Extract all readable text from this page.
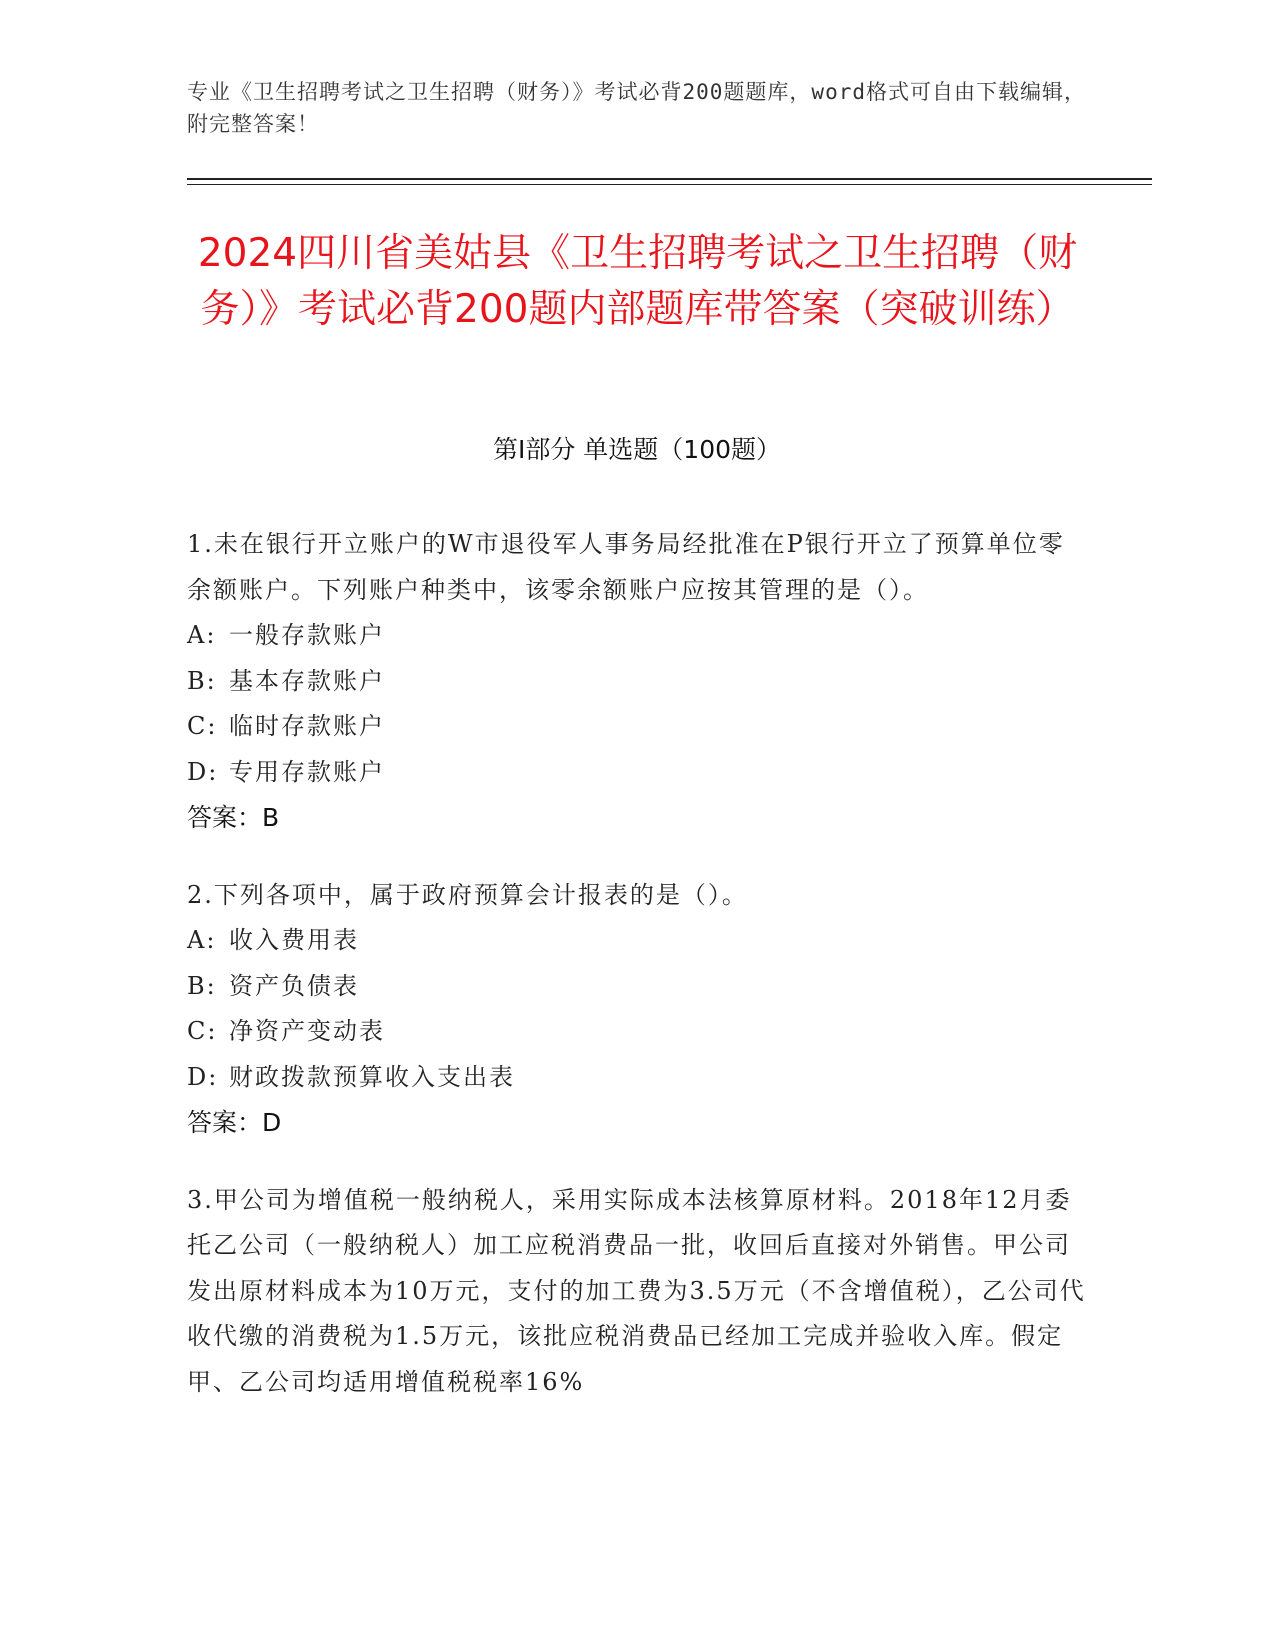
专业《卫生招聘考试之卫生招聘（财务）》考试必背200题题库，word格式可自由下载编辑，附完整答案！
2024四川省美姑县《卫生招聘考试之卫生招聘（财务）》考试必背200题内部题库带答案（突破训练）
第Ⅰ部分 单选题（100题）

1.未在银行开立账户的W市退役军人事务局经批准在P银行开立了预算单位零余额账户。下列账户种类中，该零余额账户应按其管理的是（）。

A: 一般存款账户

B: 基本存款账户

C: 临时存款账户

D: 专用存款账户

答案：B

2.下列各项中，属于政府预算会计报表的是（）。

A: 收入费用表

B: 资产负债表

C: 净资产变动表

D: 财政拨款预算收入支出表

答案：D

3.甲公司为增值税一般纳税人，采用实际成本法核算原材料。2018年12月委托乙公司（一般纳税人）加工应税消费品一批，收回后直接对外销售。甲公司发出原材料成本为10万元，支付的加工费为3.5万元（不含增值税），乙公司代收代缴的消费税为1.5万元，该批应税消费品已经加工完成并验收入库。假定甲、乙公司均适用增值税税率16%
